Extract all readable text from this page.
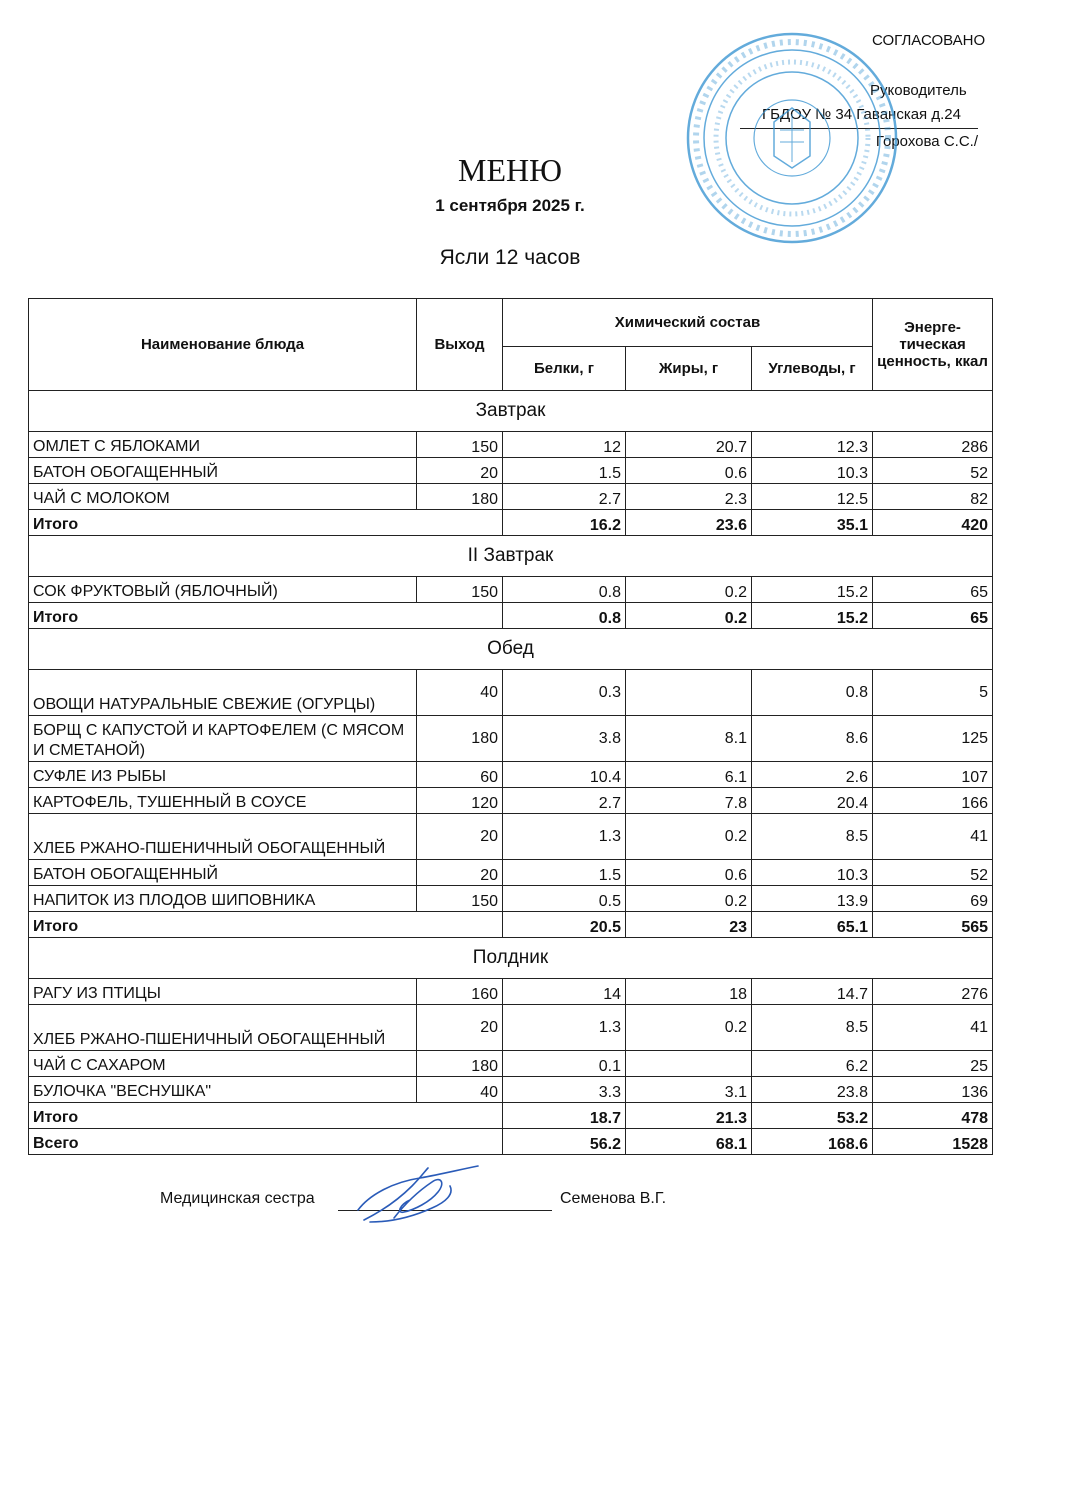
СОГЛАСОВАНО
Руководитель
ГБДОУ № 34 Гаванская д.24
Горохова С.С./
МЕНЮ
1 сентября 2025 г.
Ясли 12 часов
Наименование блюда	Выход	Химический состав			Энерге-тическая ценность, ккал
		Белки, г	Жиры, г	Углеводы, г	
Завтрак					
ОМЛЕТ С ЯБЛОКАМИ	150	12	20.7	12.3	286
БАТОН ОБОГАЩЕННЫЙ	20	1.5	0.6	10.3	52
ЧАЙ С МОЛОКОМ	180	2.7	2.3	12.5	82
Итого		16.2	23.6	35.1	420
II Завтрак					
СОК ФРУКТОВЫЙ (ЯБЛОЧНЫЙ)	150	0.8	0.2	15.2	65
Итого		0.8	0.2	15.2	65
Обед					
ОВОЩИ НАТУРАЛЬНЫЕ СВЕЖИЕ (ОГУРЦЫ)	40	0.3		0.8	5
БОРЩ С КАПУСТОЙ И КАРТОФЕЛЕМ (С МЯСОМ И СМЕТАНОЙ)	180	3.8	8.1	8.6	125
СУФЛЕ ИЗ РЫБЫ	60	10.4	6.1	2.6	107
КАРТОФЕЛЬ, ТУШЕННЫЙ В СОУСЕ	120	2.7	7.8	20.4	166
ХЛЕБ РЖАНО-ПШЕНИЧНЫЙ ОБОГАЩЕННЫЙ	20	1.3	0.2	8.5	41
БАТОН ОБОГАЩЕННЫЙ	20	1.5	0.6	10.3	52
НАПИТОК ИЗ ПЛОДОВ ШИПОВНИКА	150	0.5	0.2	13.9	69
Итого		20.5	23	65.1	565
Полдник					
РАГУ ИЗ ПТИЦЫ	160	14	18	14.7	276
ХЛЕБ РЖАНО-ПШЕНИЧНЫЙ ОБОГАЩЕННЫЙ	20	1.3	0.2	8.5	41
ЧАЙ С САХАРОМ	180	0.1		6.2	25
БУЛОЧКА "ВЕСНУШКА"	40	3.3	3.1	23.8	136
Итого		18.7	21.3	53.2	478
Всего		56.2	68.1	168.6	1528
Медицинская сестра	Семенова В.Г.
